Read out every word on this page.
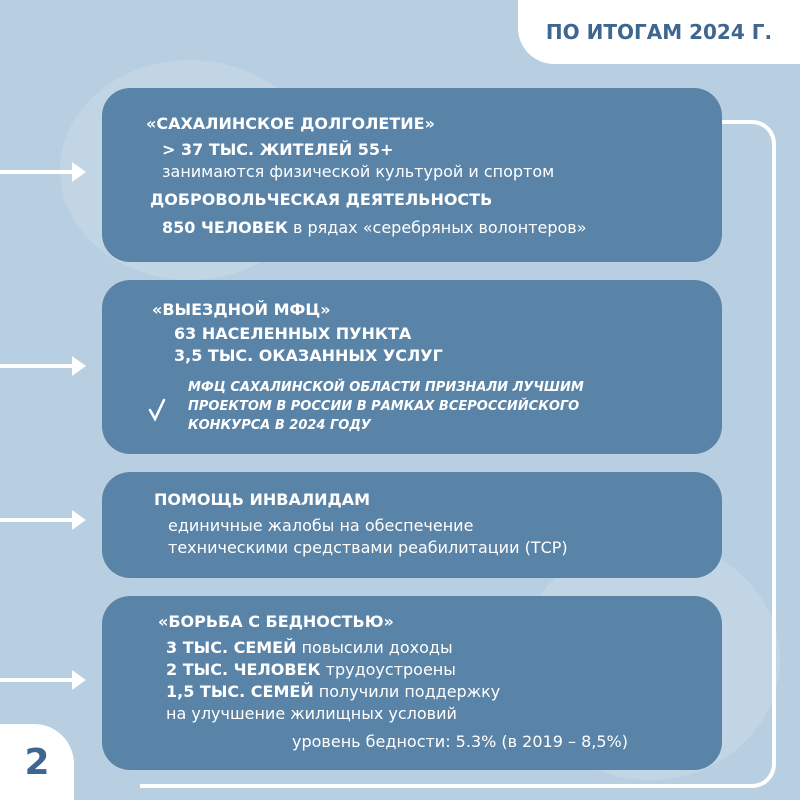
ПО ИТОГАМ 2024 Г.
«САХАЛИНСКОЕ ДОЛГОЛЕТИЕ»
> 37 ТЫС. ЖИТЕЛЕЙ 55+
занимаются физической культурой и спортом
ДОБРОВОЛЬЧЕСКАЯ ДЕЯТЕЛЬНОСТЬ
850 ЧЕЛОВЕК в рядах «серебряных волонтеров»
«ВЫЕЗДНОЙ МФЦ»
63 НАСЕЛЕННЫХ ПУНКТА
3,5 ТЫС. ОКАЗАННЫХ УСЛУГ
МФЦ САХАЛИНСКОЙ ОБЛАСТИ ПРИЗНАЛИ ЛУЧШИМ
ПРОЕКТОМ В РОССИИ В РАМКАХ ВСЕРОССИЙСКОГО
КОНКУРСА В 2024 ГОДУ
ПОМОЩЬ ИНВАЛИДАМ
единичные жалобы на обеспечение
техническими средствами реабилитации (ТСР)
«БОРЬБА С БЕДНОСТЬЮ»
3 ТЫС. СЕМЕЙ повысили доходы
2 ТЫС. ЧЕЛОВЕК трудоустроены
1,5 ТЫС. СЕМЕЙ получили поддержку
на улучшение жилищных условий
уровень бедности: 5.3% (в 2019 – 8,5%)
2
